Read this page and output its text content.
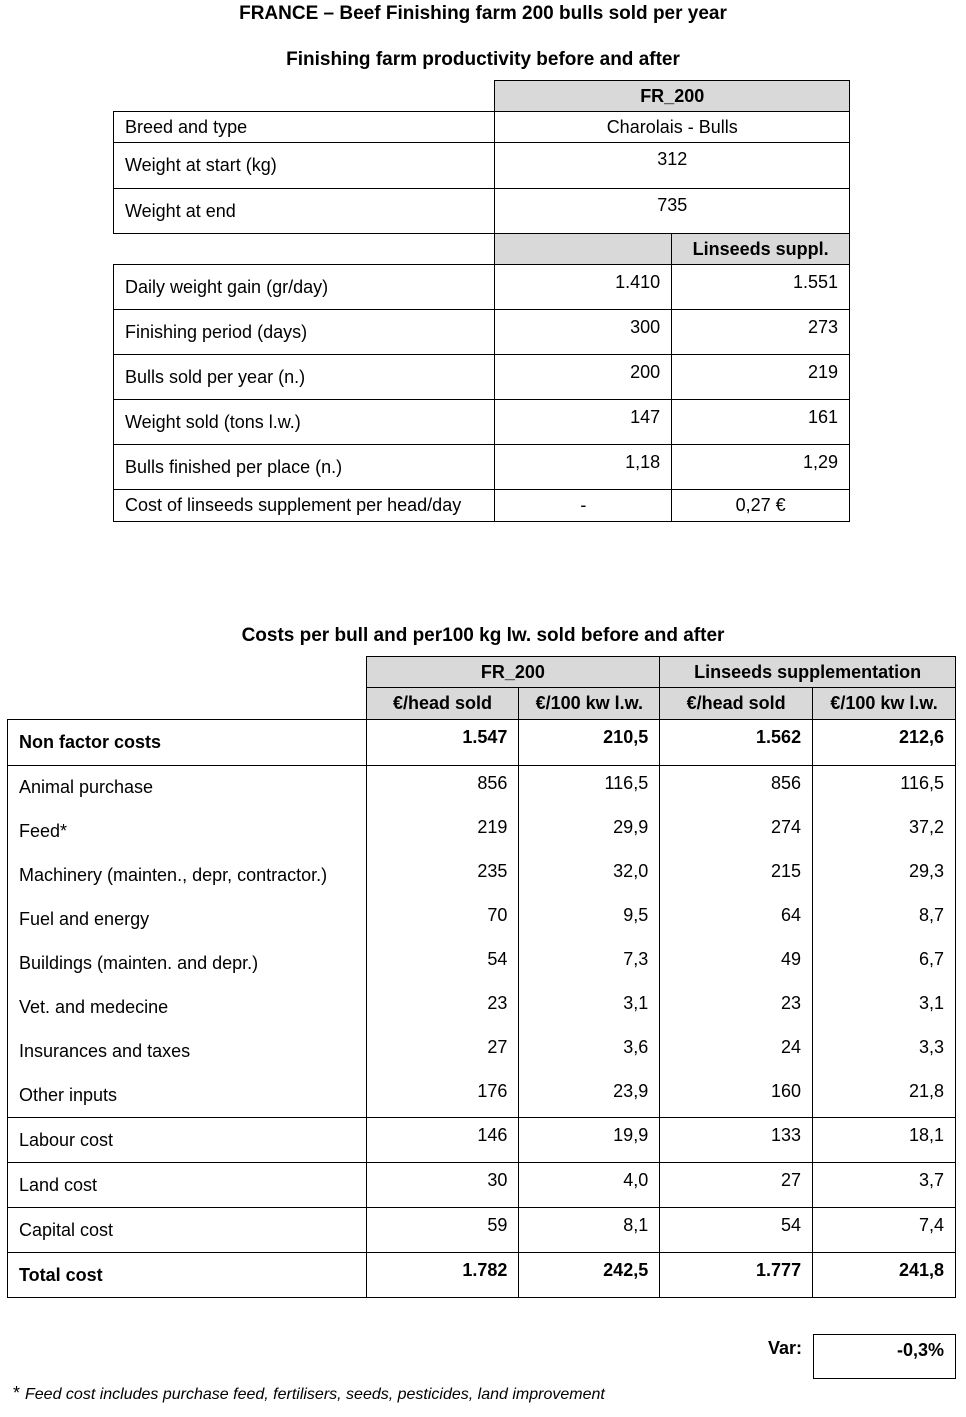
FRANCE – Beef Finishing farm 200 bulls sold per year
Finishing farm productivity before and after
	FR_200	
Breed and type	Charolais - Bulls	
Weight at start (kg)	312	
Weight at end	735	
		Linseeds suppl.
Daily weight gain (gr/day)	1.410	1.551
Finishing period (days)	300	273
Bulls sold per year (n.)	200	219
Weight sold (tons l.w.)	147	161
Bulls finished per place (n.)	1,18	1,29
Cost of linseeds supplement per head/day	-	0,27 €
Costs per bull and per100 kg lw. sold before and after
	FR_200		Linseeds supplementation	
	€/head sold	€/100 kw l.w.	€/head sold	€/100 kw l.w.
Non factor costs	1.547	210,5	1.562	212,6
Animal purchase	856	116,5	856	116,5
Feed*	219	29,9	274	37,2
Machinery (mainten., depr, contractor.)	235	32,0	215	29,3
Fuel and energy	70	9,5	64	8,7
Buildings (mainten. and depr.)	54	7,3	49	6,7
Vet. and medecine	23	3,1	23	3,1
Insurances and taxes	27	3,6	24	3,3
Other inputs	176	23,9	160	21,8
Labour cost	146	19,9	133	18,1
Land cost	30	4,0	27	3,7
Capital cost	59	8,1	54	7,4
Total cost	1.782	242,5	1.777	241,8
Var:	-0,3%
* Feed cost includes purchase feed, fertilisers, seeds, pesticides, land improvement
